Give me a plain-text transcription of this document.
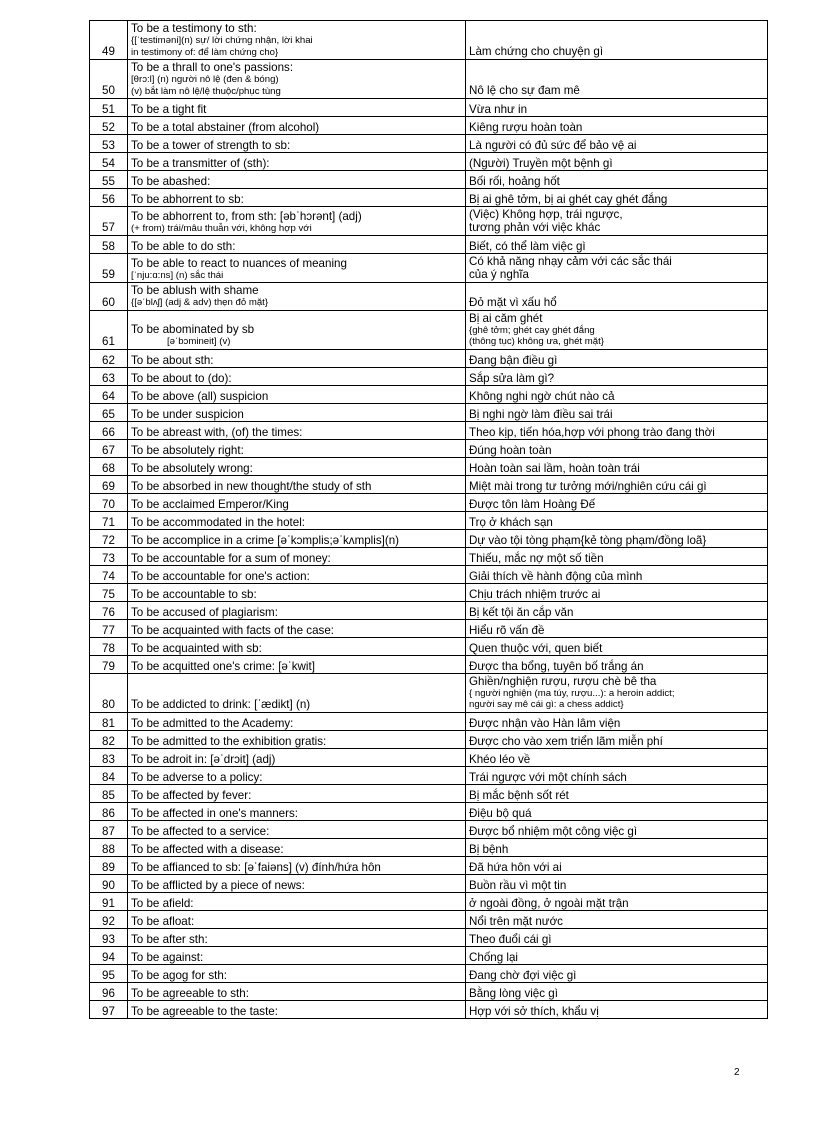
49	To be a testimony to sth:
{[ˈtestiməni](n) sự/ lời chứng nhận, lời khai
in testimony of: để làm chứng cho}	Làm chứng cho chuyện gì

50	To be a thrall to one's passions:
[θrɔ:l] (n) người nô lệ (đen & bóng)
(v) bắt làm nô lệ/lệ thuộc/phục tùng	Nô lệ cho sự đam mê

51	To be a tight fit	Vừa như in

52	To be a total abstainer (from alcohol)	Kiêng rượu hoàn toàn

53	To be a tower of strength to sb:	Là người có đủ sức để bảo vệ ai

54	To be a transmitter of (sth):	(Người) Truyền một bệnh gì

55	To be abashed:	Bối rối, hoảng hốt

56	To be abhorrent to sb:	Bị ai ghê tởm, bị ai ghét cay ghét đắng

57	To be abhorrent to, from sth: [əbˈhɔrənt] (adj)
(+ from) trái/mâu thuẫn với, không hợp với	(Việc) Không hợp, trái ngược,
tương phản với việc khác

58	To be able to do sth:	Biết, có thể làm việc gì

59	To be able to react to nuances of meaning
[ˈnju:ɑ:ns] (n) sắc thái	Có khả năng nhạy cảm với các sắc thái
của ý nghĩa

60	To be ablush with shame
{[əˈblʌʃ] (adj & adv) thẹn đỏ mặt}	Đỏ mặt vì xấu hổ

61	To be abominated by sb
[əˈbɔmineit] (v)	Bị ai căm ghét
{ghê tởm; ghét cay ghét đắng
(thông tục) không ưa, ghét mặt}

62	To be about sth:	Đang bận điều gì

63	To be about to (do):	Sắp sửa làm gì?

64	To be above (all) suspicion	Không nghi ngờ chút nào cả

65	To be under suspicion	Bị nghi ngờ làm điều sai trái

66	To be abreast with, (of) the times:	Theo kịp, tiến hóa,hợp với phong trào đang thời

67	To be absolutely right:	Đúng hoàn toàn

68	To be absolutely wrong:	Hoàn toàn sai lầm, hoàn toàn trái

69	To be absorbed in new thought/the study of sth	Miệt mài trong tư tưởng mới/nghiên cứu cái gì

70	To be acclaimed Emperor/King	Được tôn làm Hoàng Đế

71	To be accommodated in the hotel:	Trọ ở khách sạn

72	To be accomplice in a crime [əˈkɔmplis;əˈkʌmplis](n)	Dự vào tội tòng phạm{kẻ tòng phạm/đồng loã}

73	To be accountable for a sum of money:	Thiếu, mắc nợ một số tiền

74	To be accountable for one's action:	Giải thích về hành động của mình

75	To be accountable to sb:	Chịu trách nhiệm trước ai

76	To be accused of plagiarism:	Bị kết tội ăn cắp văn

77	To be acquainted with facts of the case:	Hiểu rõ vấn đề

78	To be acquainted with sb:	Quen thuộc với, quen biết

79	To be acquitted one's crime: [əˈkwit]	Được tha bổng, tuyên bố trắng án

80	To be addicted to drink: [ˈædikt] (n)	Ghiền/nghiện rượu, rượu chè bê tha
{ người nghiện (ma túy, rượu...): a heroin addict;
người say mê cái gì: a chess addict}

81	To be admitted to the Academy:	Được nhận vào Hàn lâm viện

82	To be admitted to the exhibition gratis:	Được cho vào xem triển lãm miễn phí

83	To be adroit in: [əˈdrɔit] (adj)	Khéo léo về

84	To be adverse to a policy:	Trái ngược với một chính sách

85	To be affected by fever:	Bị mắc bệnh sốt rét

86	To be affected in one's manners:	Điệu bộ quá

87	To be affected to a service:	Được bổ nhiệm một công việc gì

88	To be affected with a disease:	Bị bệnh

89	To be affianced to sb: [əˈfaiəns] (v) đính/hứa hôn	Đã hứa hôn với ai

90	To be afflicted by a piece of news:	Buồn rầu vì một tin

91	To be afield:	ở ngoài đồng, ở ngoài mặt trận

92	To be afloat:	Nổi trên mặt nước

93	To be after sth:	Theo đuổi cái gì

94	To be against:	Chống lại

95	To be agog for sth:	Đang chờ đợi việc gì

96	To be agreeable to sth:	Bằng lòng việc gì

97	To be agreeable to the taste:	Hợp với sở thích, khẩu vị
2
